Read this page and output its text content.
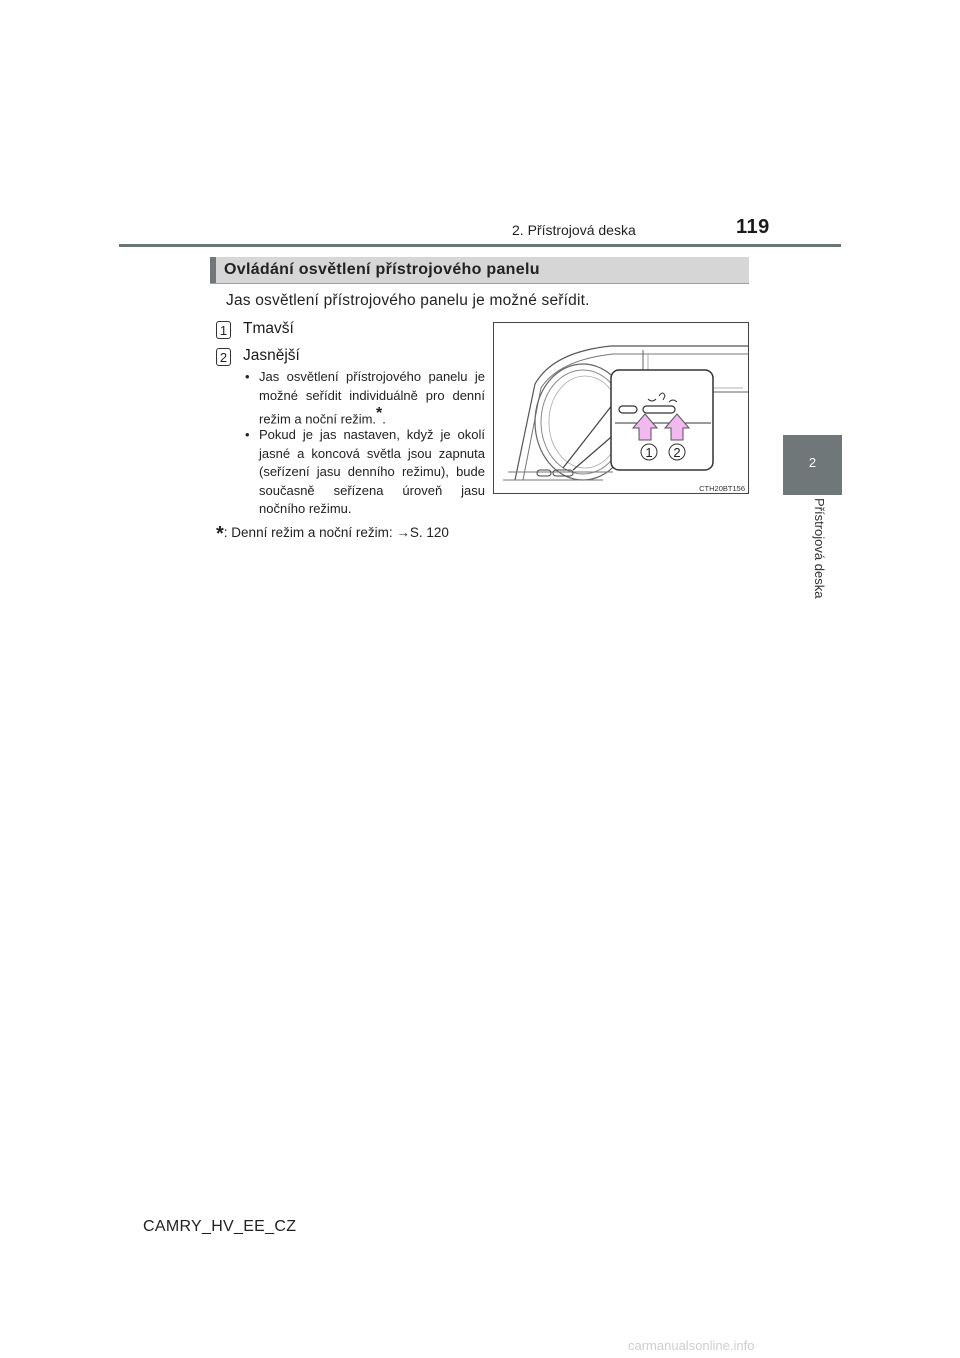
2. Přístrojová deska	119
2
Přístrojová deska
Ovládání osvětlení přístrojového panelu
Jas osvětlení přístrojového panelu je možné seřídit.
1 Tmavší
2 Jasnější
• Jas osvětlení přístrojového panelu je možné seřídit individuálně pro denní režim a noční režim.*.
• Pokud je jas nastaven, když je okolí jasné a koncová světla jsou zapnuta (seřízení jasu denního režimu), bude současně seřízena úroveň jasu nočního režimu.
*: Denní režim a noční režim: →S. 120
1 2
CTH20BT156
CAMRY_HV_EE_CZ
carmanualsonline.info
